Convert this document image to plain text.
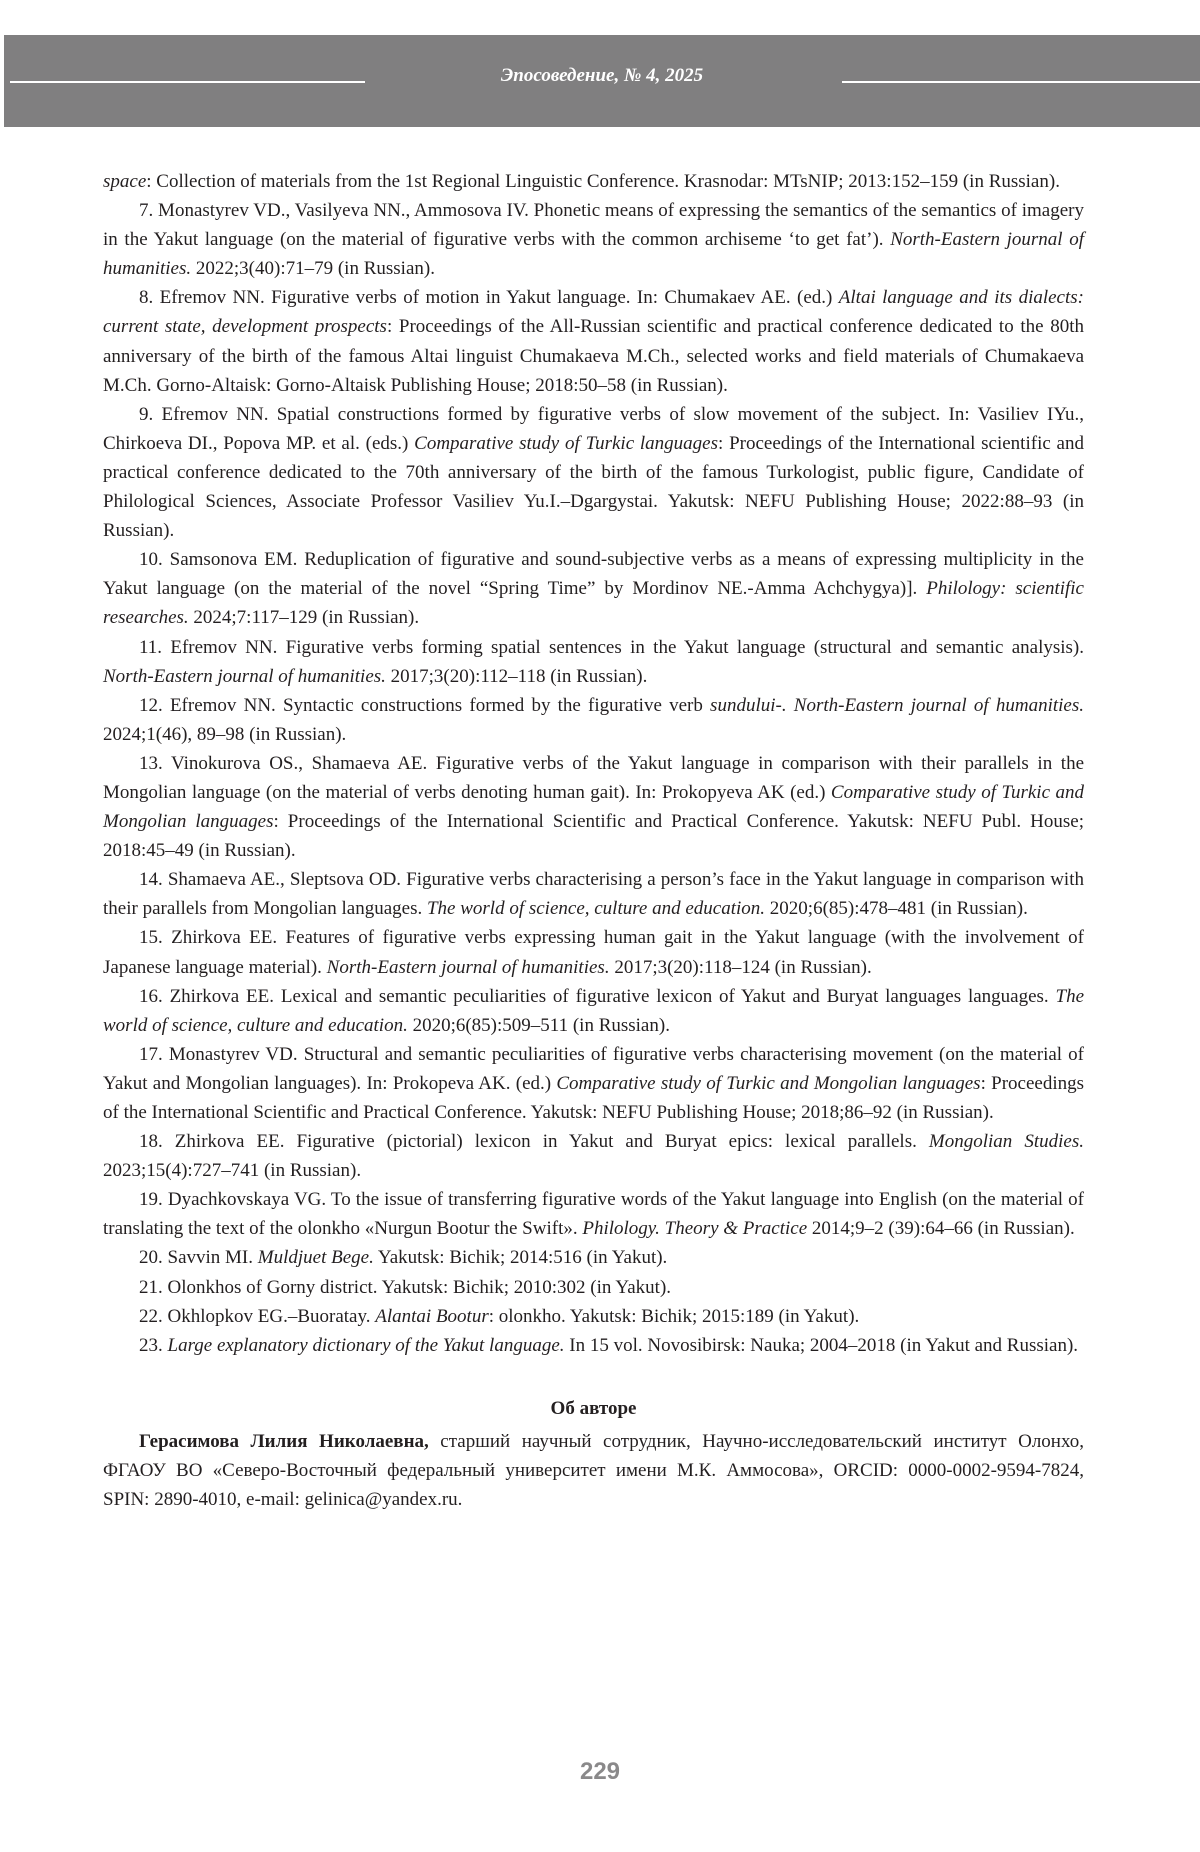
Эпосоведение, № 4, 2025

space: Collection of materials from the 1st Regional Linguistic Conference. Krasnodar: MTsNIP; 2013:152–159 (in Russian).

7. Monastyrev VD., Vasilyeva NN., Ammosova IV. Phonetic means of expressing the semantics of the semantics of imagery in the Yakut language (on the material of figurative verbs with the common archiseme ‘to get fat’). North-Eastern journal of humanities. 2022;3(40):71–79 (in Russian).

8. Efremov NN. Figurative verbs of motion in Yakut language. In: Chumakaev AE. (ed.) Altai language and its dialects: current state, development prospects: Proceedings of the All-Russian scientific and practical conference dedicated to the 80th anniversary of the birth of the famous Altai linguist Chumakaeva M.Ch., selected works and field materials of Chumakaeva M.Ch. Gorno-Altaisk: Gorno-Altaisk Publishing House; 2018:50–58 (in Russian).

9. Efremov NN. Spatial constructions formed by figurative verbs of slow movement of the subject. In: Vasiliev IYu., Chirkoeva DI., Popova MP. et al. (eds.) Comparative study of Turkic languages: Proceedings of the International scientific and practical conference dedicated to the 70th anniversary of the birth of the famous Turkologist, public figure, Candidate of Philological Sciences, Associate Professor Vasiliev Yu.I.–Dgargystai. Yakutsk: NEFU Publishing House; 2022:88–93 (in Russian).

10. Samsonova EM. Reduplication of figurative and sound-subjective verbs as a means of expressing multiplicity in the Yakut language (on the material of the novel “Spring Time” by Mordinov NE.-Amma Achchygya)]. Philology: scientific researches. 2024;7:117–129 (in Russian).

11. Efremov NN. Figurative verbs forming spatial sentences in the Yakut language (structural and semantic analysis). North-Eastern journal of humanities. 2017;3(20):112–118 (in Russian).

12. Efremov NN. Syntactic constructions formed by the figurative verb sundului-. North-Eastern journal of humanities. 2024;1(46), 89–98 (in Russian).

13. Vinokurova OS., Shamaeva AE. Figurative verbs of the Yakut language in comparison with their parallels in the Mongolian language (on the material of verbs denoting human gait). In: Prokopyeva AK (ed.) Comparative study of Turkic and Mongolian languages: Proceedings of the International Scientific and Practical Conference. Yakutsk: NEFU Publ. House; 2018:45–49 (in Russian).

14. Shamaeva AE., Sleptsova OD. Figurative verbs characterising a person’s face in the Yakut language in comparison with their parallels from Mongolian languages. The world of science, culture and education. 2020;6(85):478–481 (in Russian).

15. Zhirkova EE. Features of figurative verbs expressing human gait in the Yakut language (with the involvement of Japanese language material). North-Eastern journal of humanities. 2017;3(20):118–124 (in Russian).

16. Zhirkova EE. Lexical and semantic peculiarities of figurative lexicon of Yakut and Buryat languages languages. The world of science, culture and education. 2020;6(85):509–511 (in Russian).

17. Monastyrev VD. Structural and semantic peculiarities of figurative verbs characterising movement (on the material of Yakut and Mongolian languages). In: Prokopeva AK. (ed.) Comparative study of Turkic and Mongolian languages: Proceedings of the International Scientific and Practical Conference. Yakutsk: NEFU Publishing House; 2018;86–92 (in Russian).

18. Zhirkova EE. Figurative (pictorial) lexicon in Yakut and Buryat epics: lexical parallels. Mongolian Studies. 2023;15(4):727–741 (in Russian).

19. Dyachkovskaya VG. To the issue of transferring figurative words of the Yakut language into English (on the material of translating the text of the olonkho «Nurgun Bootur the Swift». Philology. Theory & Practice 2014;9–2 (39):64–66 (in Russian).

20. Savvin MI. Muldjuet Bege. Yakutsk: Bichik; 2014:516 (in Yakut).

21. Olonkhos of Gorny district. Yakutsk: Bichik; 2010:302 (in Yakut).

22. Okhlopkov EG.–Buoratay. Alantai Bootur: olonkho. Yakutsk: Bichik; 2015:189 (in Yakut).

23. Large explanatory dictionary of the Yakut language. In 15 vol. Novosibirsk: Nauka; 2004–2018 (in Yakut and Russian).

Об авторе

Герасимова Лилия Николаевна, старший научный сотрудник, Научно-исследовательский институт Олонхо, ФГАОУ ВО «Северо-Восточный федеральный университет имени М.К. Аммосова», ORCID: 0000-0002-9594-7824, SPIN: 2890-4010, e-mail: gelinica@yandex.ru.

229
